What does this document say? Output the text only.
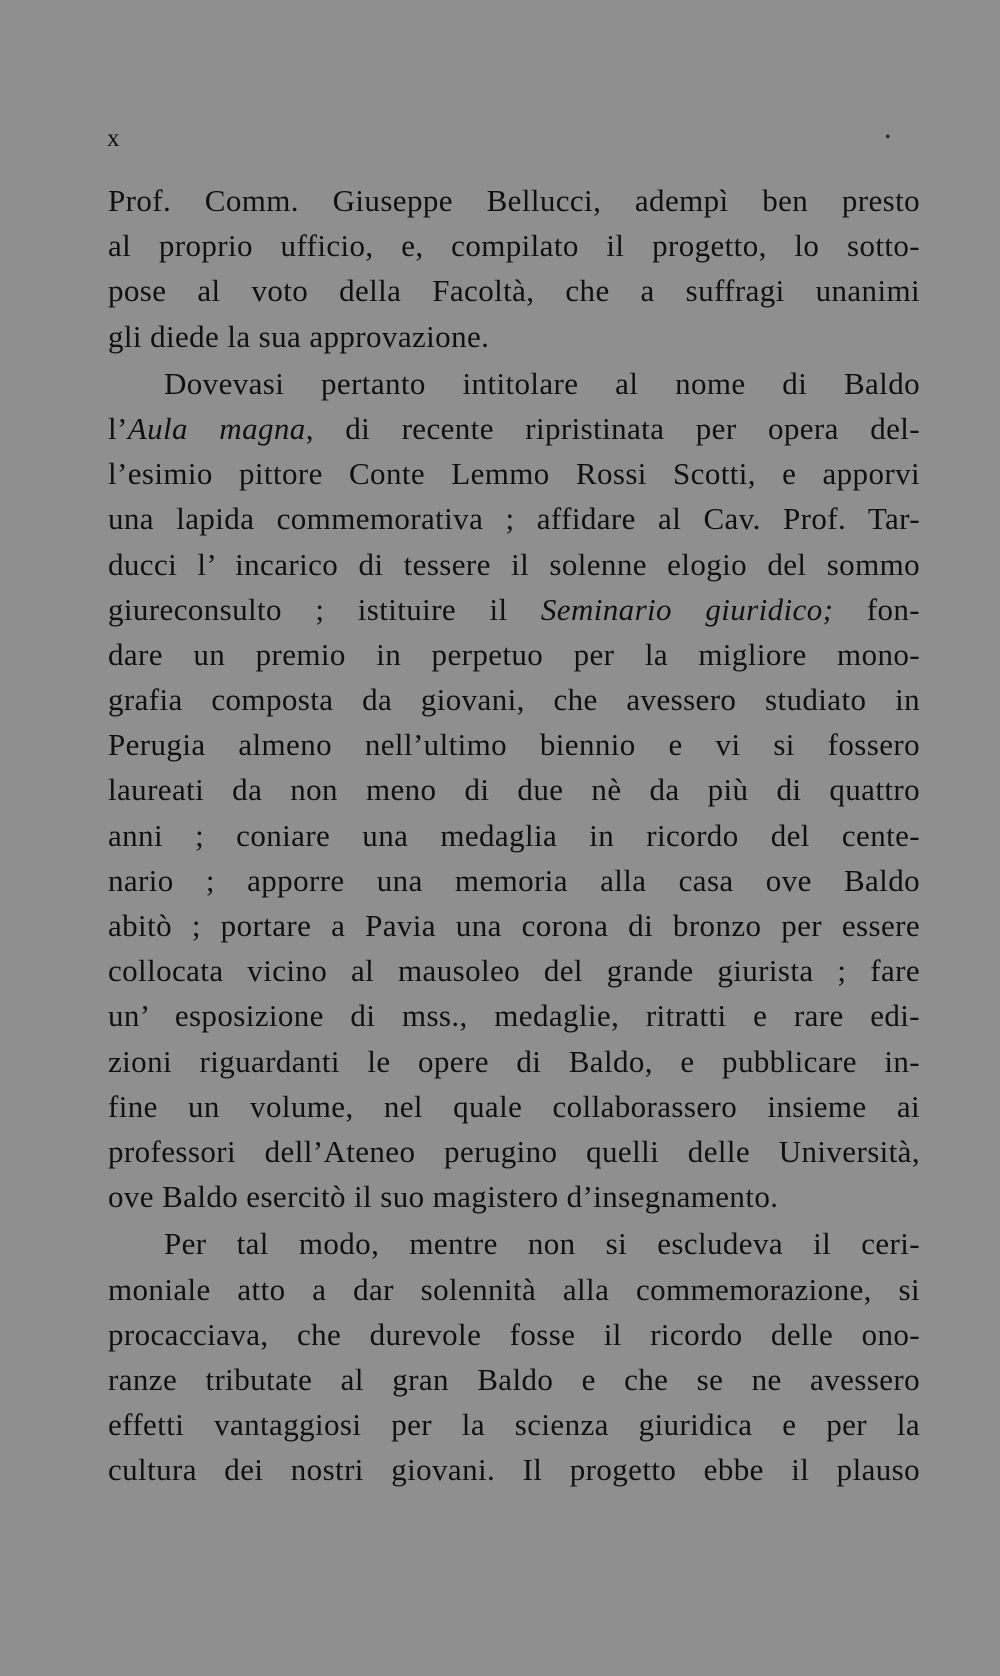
x	•
Prof. Comm. Giuseppe Bellucci, adempì ben presto
al proprio ufficio, e, compilato il progetto, lo sotto-
pose al voto della Facoltà, che a suffragi unanimi
gli diede la sua approvazione.
Dovevasi pertanto intitolare al nome di Baldo
l’Aula magna, di recente ripristinata per opera del-
l’esimio pittore Conte Lemmo Rossi Scotti, e apporvi
una lapida commemorativa ; affidare al Cav. Prof. Tar-
ducci l’ incarico di tessere il solenne elogio del sommo
giureconsulto ; istituire il Seminario giuridico; fon-
dare un premio in perpetuo per la migliore mono-
grafia composta da giovani, che avessero studiato in
Perugia almeno nell’ultimo biennio e vi si fossero
laureati da non meno di due nè da più di quattro
anni ; coniare una medaglia in ricordo del cente-
nario ; apporre una memoria alla casa ove Baldo
abitò ; portare a Pavia una corona di bronzo per essere
collocata vicino al mausoleo del grande giurista ; fare
un’ esposizione di mss., medaglie, ritratti e rare edi-
zioni riguardanti le opere di Baldo, e pubblicare in-
fine un volume, nel quale collaborassero insieme ai
professori dell’Ateneo perugino quelli delle Università,
ove Baldo esercitò il suo magistero d’insegnamento.
Per tal modo, mentre non si escludeva il ceri-
moniale atto a dar solennità alla commemorazione, si
procacciava, che durevole fosse il ricordo delle ono-
ranze tributate al gran Baldo e che se ne avessero
effetti vantaggiosi per la scienza giuridica e per la
cultura dei nostri giovani. Il progetto ebbe il plauso
